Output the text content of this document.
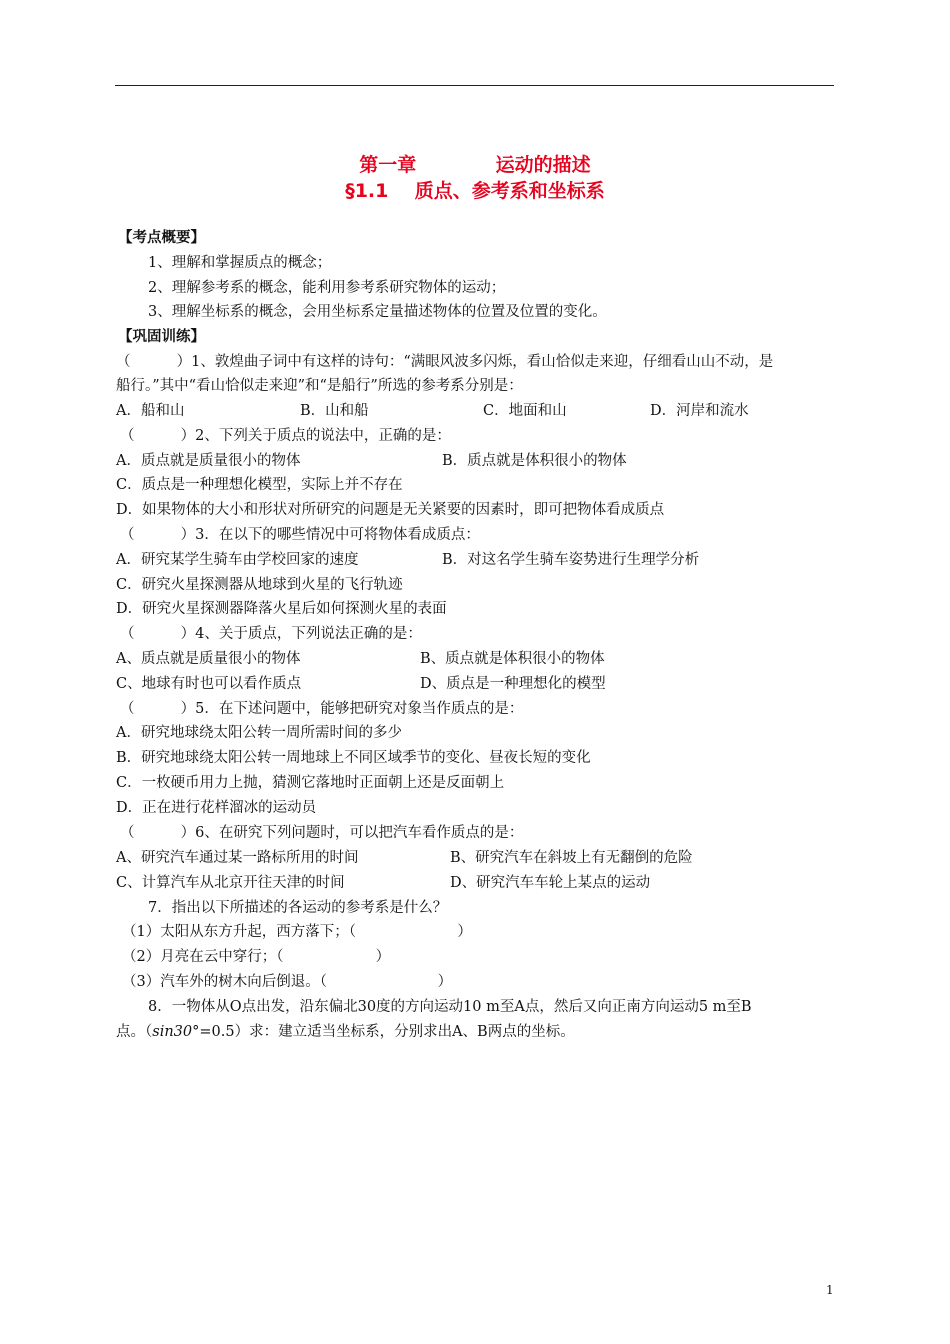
第一章            运动的描述
§1.1    质点、参考系和坐标系
【考点概要】
1、理解和掌握质点的概念；
2、理解参考系的概念，能利用参考系研究物体的运动；
3、理解坐标系的概念，会用坐标系定量描述物体的位置及位置的变化。
【巩固训练】
（          ）1、敦煌曲子词中有这样的诗句：“满眼风波多闪烁，看山恰似走来迎，仔细看山山不动，是
船行。”其中“看山恰似走来迎”和“是船行”所选的参考系分别是：
A．船和山	B．山和船	C．地面和山	D．河岸和流水
（          ）2、下列关于质点的说法中，正确的是：
A．质点就是质量很小的物体	B．质点就是体积很小的物体
C．质点是一种理想化模型，实际上并不存在
D．如果物体的大小和形状对所研究的问题是无关紧要的因素时，即可把物体看成质点
（          ）3．在以下的哪些情况中可将物体看成质点：
A．研究某学生骑车由学校回家的速度	B．对这名学生骑车姿势进行生理学分析
C．研究火星探测器从地球到火星的飞行轨迹
D．研究火星探测器降落火星后如何探测火星的表面
（          ）4、关于质点，下列说法正确的是：
A、质点就是质量很小的物体	B、质点就是体积很小的物体
C、地球有时也可以看作质点	D、质点是一种理想化的模型
（          ）5．在下述问题中，能够把研究对象当作质点的是：
A．研究地球绕太阳公转一周所需时间的多少
B．研究地球绕太阳公转一周地球上不同区域季节的变化、昼夜长短的变化
C．一枚硬币用力上抛，猜测它落地时正面朝上还是反面朝上
D．正在进行花样溜冰的运动员
（          ）6、在研究下列问题时，可以把汽车看作质点的是：
A、研究汽车通过某一路标所用的时间	B、研究汽车在斜坡上有无翻倒的危险
C、计算汽车从北京开往天津的时间	D、研究汽车车轮上某点的运动
7．指出以下所描述的各运动的参考系是什么？
（1）太阳从东方升起，西方落下；（                      ）
（2）月亮在云中穿行；（                    ）
（3）汽车外的树木向后倒退。（                        ）
8．一物体从O点出发，沿东偏北30度的方向运动10 m至A点，然后又向正南方向运动5 m至B
点。（sin30°=0.5）求：建立适当坐标系，分别求出A、B两点的坐标。
1
